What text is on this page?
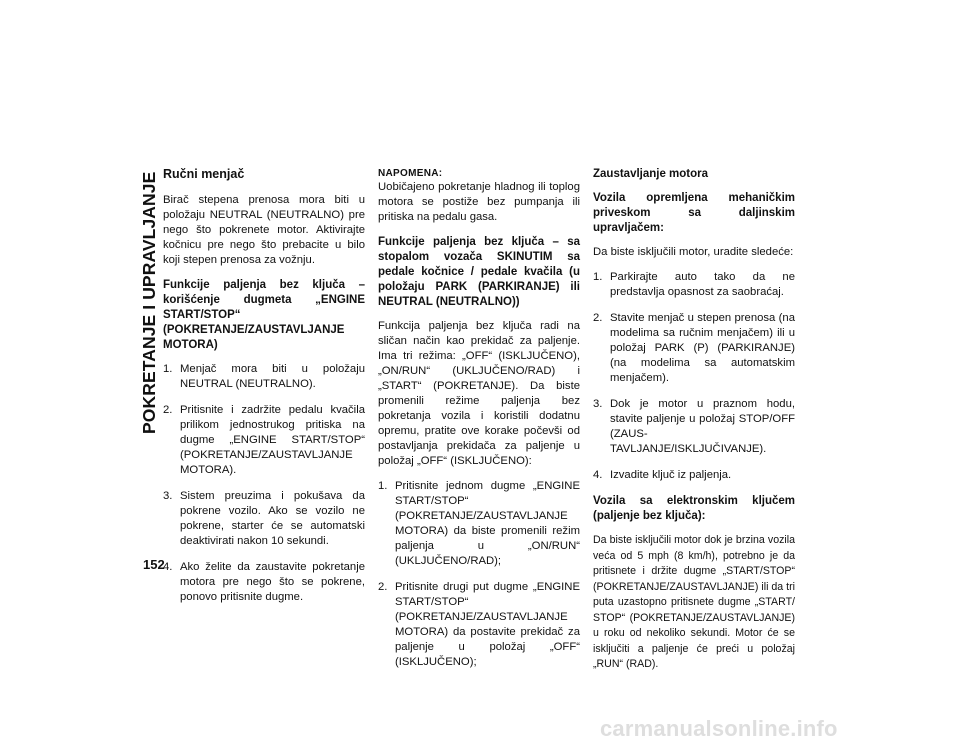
POKRETANJE I UPRAVLJANJE
152
Ručni menjač

Birač stepena prenosa mora biti u položaju NEUTRAL (NEUTRALNO) pre nego što pokrenete motor. Aktivirajte kočnicu pre nego što prebacite u bilo koji stepen prenosa za vožnju.

Funkcije paljenja bez ključa – korišćenje dugmeta „ENGINE START/STOP“ (POKRETANJE/ZAUSTAVLJANJE MOTORA)
1. Menjač mora biti u položaju NEUTRAL (NEUTRALNO).
2. Pritisnite i zadržite pedalu kvačila prilikom jednostrukog pritiska na dugme „ENGINE START/STOP“ (POKRETANJE/ZAUSTAVLJANJE MOTORA).
3. Sistem preuzima i pokušava da pokrene vozilo. Ako se vozilo ne pokrene, starter će se automatski deaktivirati nakon 10 sekundi.
4. Ako želite da zaustavite pokretanje motora pre nego što se pokrene, ponovo pritisnite dugme.

NAPOMENA:
Uobičajeno pokretanje hladnog ili toplog motora se postiže bez pumpanja ili pritiska na pedalu gasa.

Funkcije paljenja bez ključa – sa stopalom vozača SKINUTIM sa pedale kočnice / pedale kvačila (u položaju PARK (PARKIRANJE) ili NEUTRAL (NEUTRALNO))

Funkcija paljenja bez ključa radi na sličan način kao prekidač za paljenje. Ima tri režima: „OFF“ (ISKLJUČENO), „ON/RUN“ (UKLJUČENO/RAD) i „START“ (POKRETANJE). Da biste promenili režime paljenja bez pokretanja vozila i koristili dodatnu opremu, pratite ove korake počevši od postavljanja prekidača za paljenje u položaj „OFF“ (ISKLJUČENO):

1. Pritisnite jednom dugme „ENGINE START/STOP“ (POKRETANJE/ZAUSTAVLJANJE MOTORA) da biste promenili režim paljenja u „ON/RUN“ (UKLJUČENO/RAD);
2. Pritisnite drugi put dugme „ENGINE START/STOP“ (POKRETANJE/ZAUSTAVLJANJE MOTORA) da postavite prekidač za paljenje u položaj „OFF“ (ISKLJUČENO);
Zaustavljanje motora
Vozila opremljena mehaničkim priveskom sa daljinskim upravljačem:

Da biste isključili motor, uradite sledeće:

1. Parkirajte auto tako da ne predstavlja opasnost za saobraćaj.
2. Stavite menjač u stepen prenosa (na modelima sa ručnim menjačem) ili u položaj PARK (P) (PARKIRANJE) (na modelima sa automatskim menjačem).
3. Dok je motor u praznom hodu, stavite paljenje u položaj STOP/OFF (ZAUSTAVLJANJE/ISKLJUČIVANJE).
4. Izvadite ključ iz paljenja.
Vozila sa elektronskim ključem (paljenje bez ključa):

Da biste isključili motor dok je brzina vozila veća od 5 mph (8 km/h), potrebno je da pritisnete i držite dugme „START/STOP“ (POKRETANJE/ZAUSTAVLJANJE) ili da tri puta uzastopno pritisnete dugme „START/ STOP“ (POKRETANJE/ZAUSTAVLJANJE) u roku od nekoliko sekundi. Motor će se isključiti a paljenje će preći u položaj „RUN“ (RAD).

carmanualsonline.info
